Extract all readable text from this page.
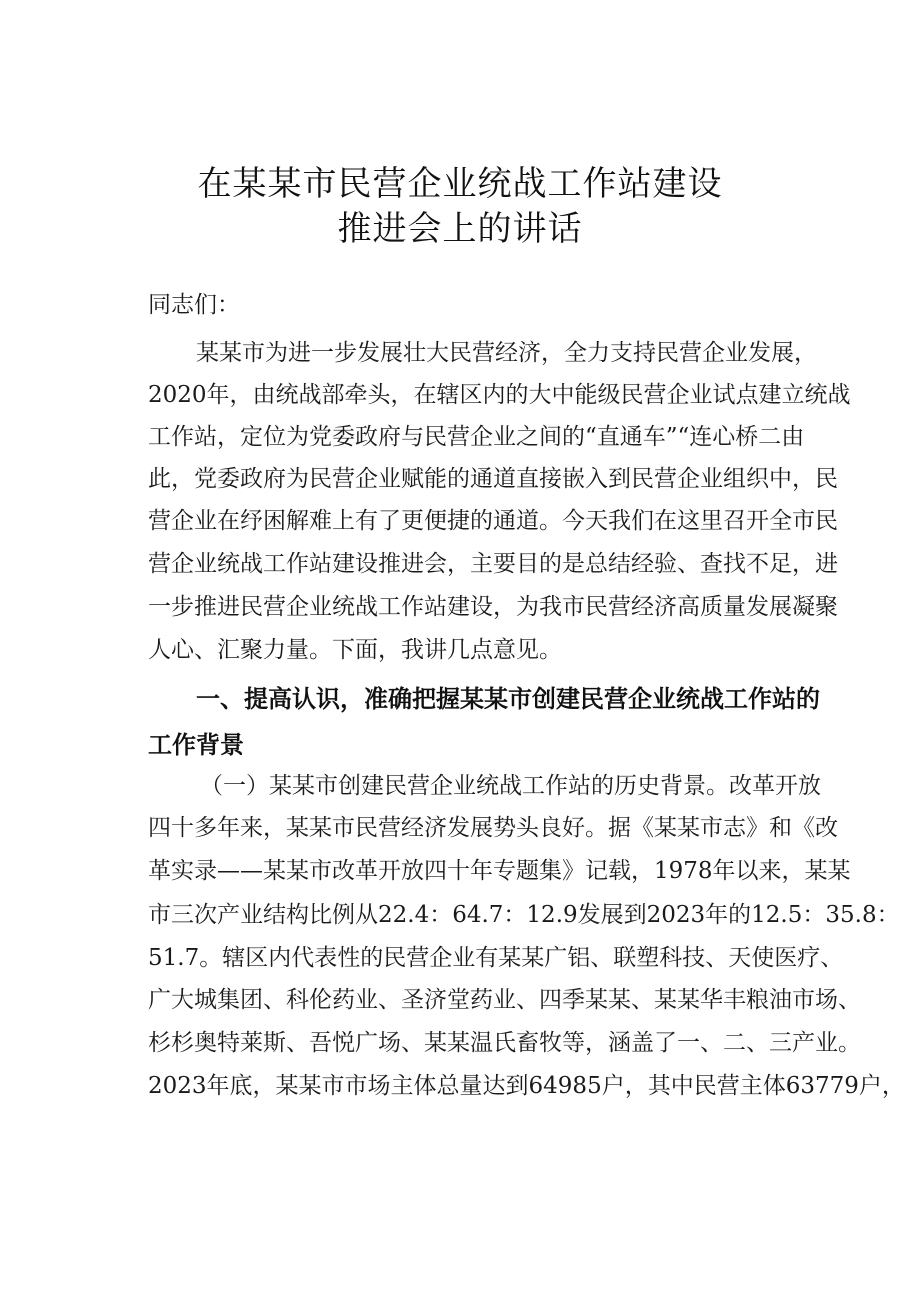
在某某市民营企业统战工作站建设
推进会上的讲话
同志们：
某某市为进一步发展壮大民营经济，全力支持民营企业发展，
2020年，由统战部牵头，在辖区内的大中能级民营企业试点建立统战
工作站，定位为党委政府与民营企业之间的“直通车”“连心桥二由
此，党委政府为民营企业赋能的通道直接嵌入到民营企业组织中，民
营企业在纾困解难上有了更便捷的通道。今天我们在这里召开全市民
营企业统战工作站建设推进会，主要目的是总结经验、查找不足，进
一步推进民营企业统战工作站建设，为我市民营经济高质量发展凝聚
人心、汇聚力量。下面，我讲几点意见。
一、提高认识，准确把握某某市创建民营企业统战工作站的
工作背景
（一）某某市创建民营企业统战工作站的历史背景。改革开放
四十多年来，某某市民营经济发展势头良好。据《某某市志》和《改
革实录——某某市改革开放四十年专题集》记载，1978年以来，某某
市三次产业结构比例从22.4：64.7：12.9发展到2023年的12.5：35.8：
51.7。辖区内代表性的民营企业有某某广铝、联塑科技、天使医疗、
广大城集团、科伦药业、圣济堂药业、四季某某、某某华丰粮油市场、
杉杉奥特莱斯、吾悦广场、某某温氏畜牧等，涵盖了一、二、三产业。
2023年底，某某市市场主体总量达到64985户，其中民营主体63779户，
